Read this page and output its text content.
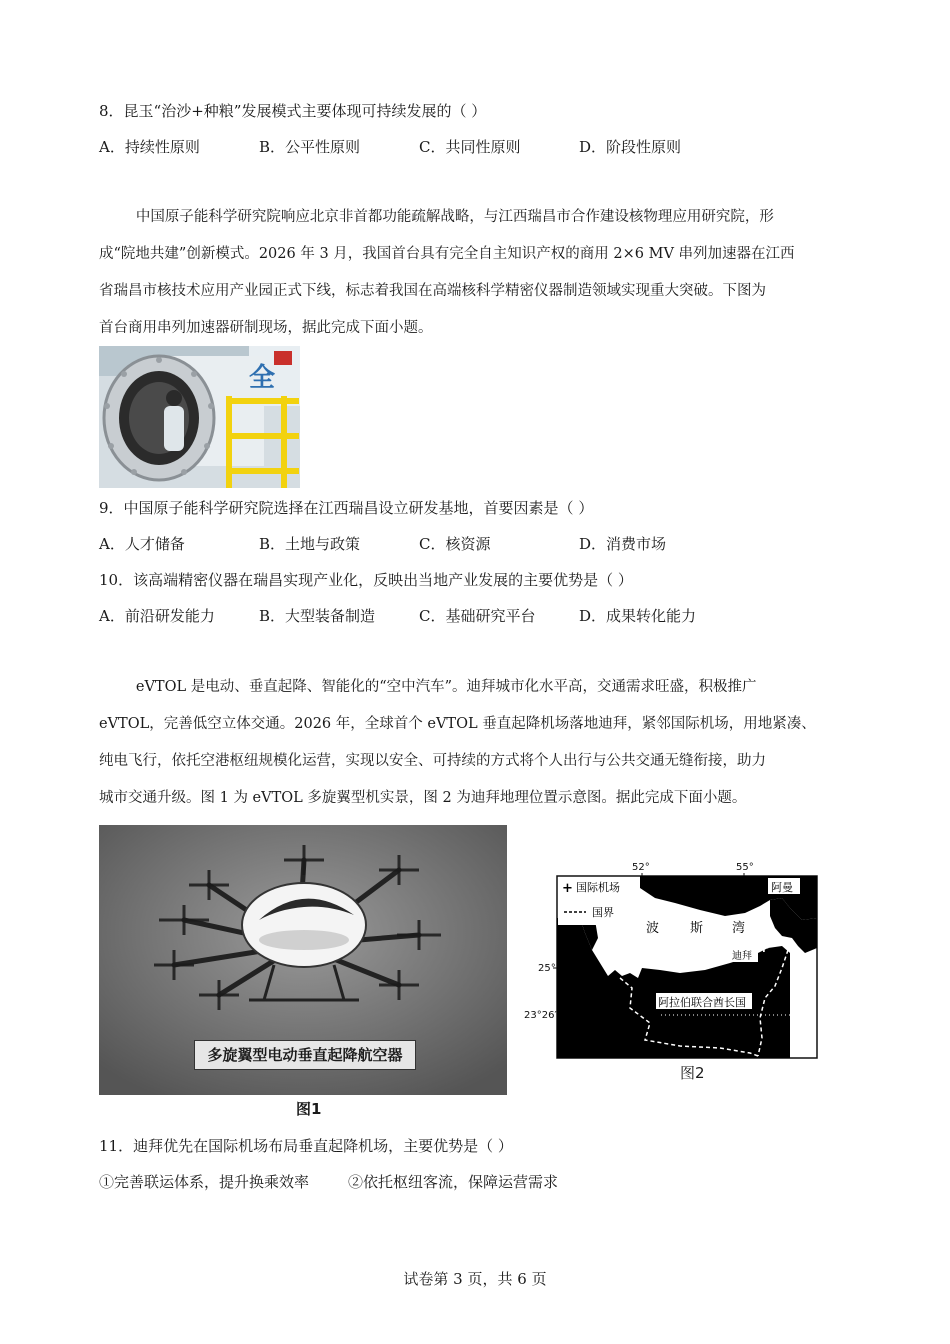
8．昆玉“治沙+种粮”发展模式主要体现可持续发展的（ ）
A．持续性原则	B．公平性原则	C．共同性原则	D．阶段性原则
中国原子能科学研究院响应北京非首都功能疏解战略，与江西瑞昌市合作建设核物理应用研究院，形
成“院地共建”创新模式。2026 年 3 月，我国首台具有完全自主知识产权的商用 2×6 MV 串列加速器在江西
省瑞昌市核技术应用产业园正式下线，标志着我国在高端核科学精密仪器制造领域实现重大突破。下图为
首台商用串列加速器研制现场，据此完成下面小题。
全
9．中国原子能科学研究院选择在江西瑞昌设立研发基地，首要因素是（ ）
A．人才储备	B．土地与政策	C．核资源	D．消费市场
10．该高端精密仪器在瑞昌实现产业化，反映出当地产业发展的主要优势是（ ）
A．前沿研发能力	B．大型装备制造	C．基础研究平台	D．成果转化能力
eVTOL 是电动、垂直起降、智能化的“空中汽车”。迪拜城市化水平高，交通需求旺盛，积极推广
eVTOL，完善低空立体交通。2026 年，全球首个 eVTOL 垂直起降机场落地迪拜，紧邻国际机场，用地紧凑、
纯电飞行，依托空港枢纽规模化运营，实现以安全、可持续的方式将个人出行与公共交通无缝衔接，助力
城市交通升级。图 1 为 eVTOL 多旋翼型机实景，图 2 为迪拜地理位置示意图。据此完成下面小题。
多旋翼型电动垂直起降航空器
图1
52°	55°
波 斯 湾
阿拉伯联合酋长国
阿曼
迪拜
+
25°
23°26′
+ 国际机场
国界
图2
11．迪拜优先在国际机场布局垂直起降机场，主要优势是（ ）
①完善联运体系，提升换乘效率	②依托枢纽客流，保障运营需求
试卷第 3 页，共 6 页
